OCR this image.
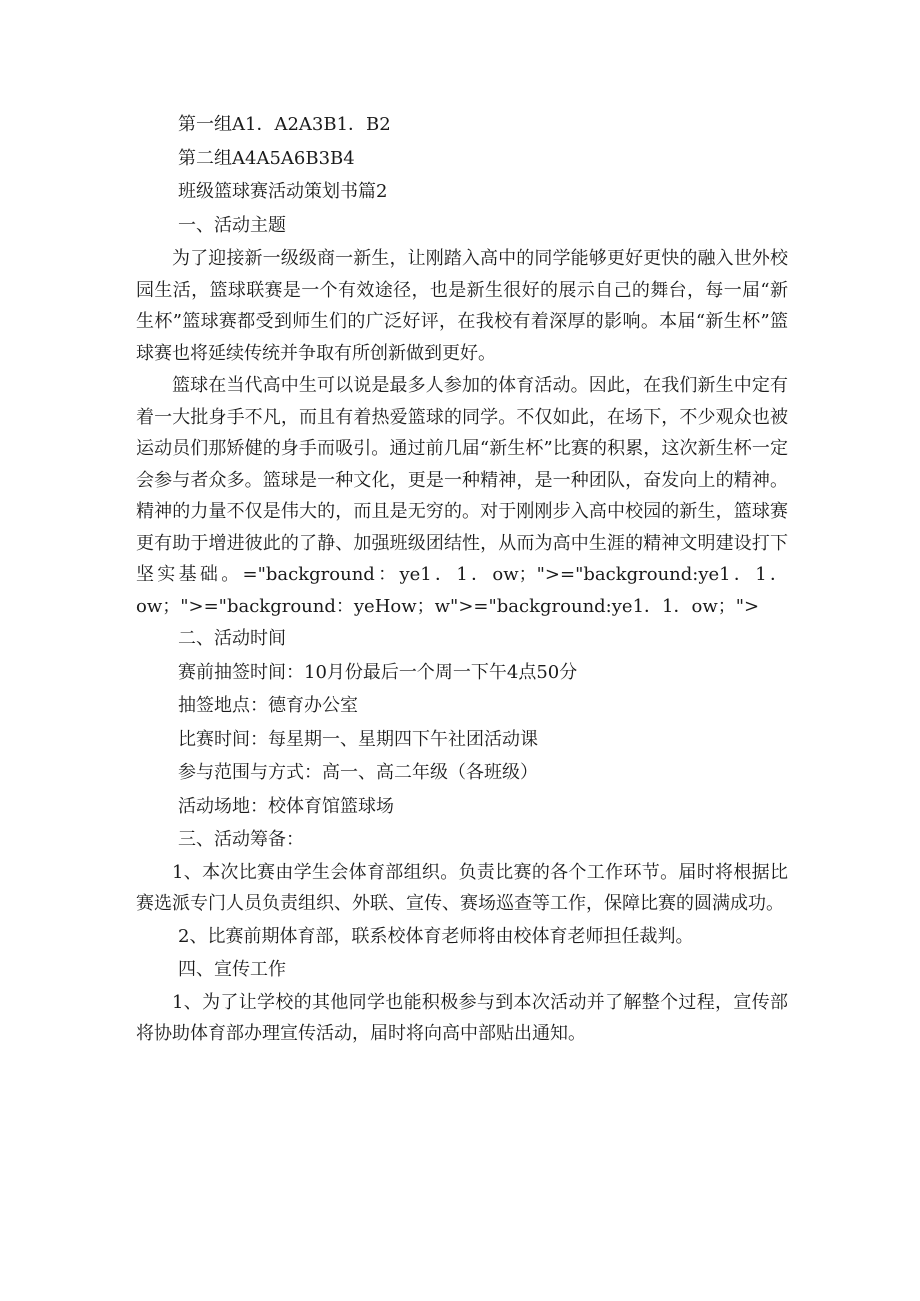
第一组A1．A2A3B1．B2

第二组A4A5A6B3B4

班级篮球赛活动策划书篇2

一、活动主题

为了迎接新一级级商一新生，让刚踏入高中的同学能够更好更快的融入世外校园生活，篮球联赛是一个有效途径，也是新生很好的展示自己的舞台，每一届“新生杯”篮球赛都受到师生们的广泛好评，在我校有着深厚的影响。本届“新生杯”篮球赛也将延续传统并争取有所创新做到更好。

篮球在当代高中生可以说是最多人参加的体育活动。因此，在我们新生中定有着一大批身手不凡，而且有着热爱篮球的同学。不仅如此，在场下，不少观众也被运动员们那矫健的身手而吸引。通过前几届“新生杯”比赛的积累，这次新生杯一定会参与者众多。篮球是一种文化，更是一种精神，是一种团队，奋发向上的精神。精神的力量不仅是伟大的，而且是无穷的。对于刚刚步入高中校园的新生，篮球赛更有助于增进彼此的了静、加强班级团结性，从而为高中生涯的精神文明建设打下坚实基础。="background：ye1．1．ow；">="background:ye1．1．ow；">="background：yeHow；w">="background:ye1．1．ow；">

二、活动时间

赛前抽签时间：10月份最后一个周一下午4点50分

抽签地点：德育办公室

比赛时间：每星期一、星期四下午社团活动课

参与范围与方式：高一、高二年级（各班级）

活动场地：校体育馆篮球场

三、活动筹备：

1、本次比赛由学生会体育部组织。负责比赛的各个工作环节。届时将根据比赛选派专门人员负责组织、外联、宣传、赛场巡查等工作，保障比赛的圆满成功。

2、比赛前期体育部，联系校体育老师将由校体育老师担任裁判。

四、宣传工作

1、为了让学校的其他同学也能积极参与到本次活动并了解整个过程，宣传部将协助体育部办理宣传活动，届时将向高中部贴出通知。
